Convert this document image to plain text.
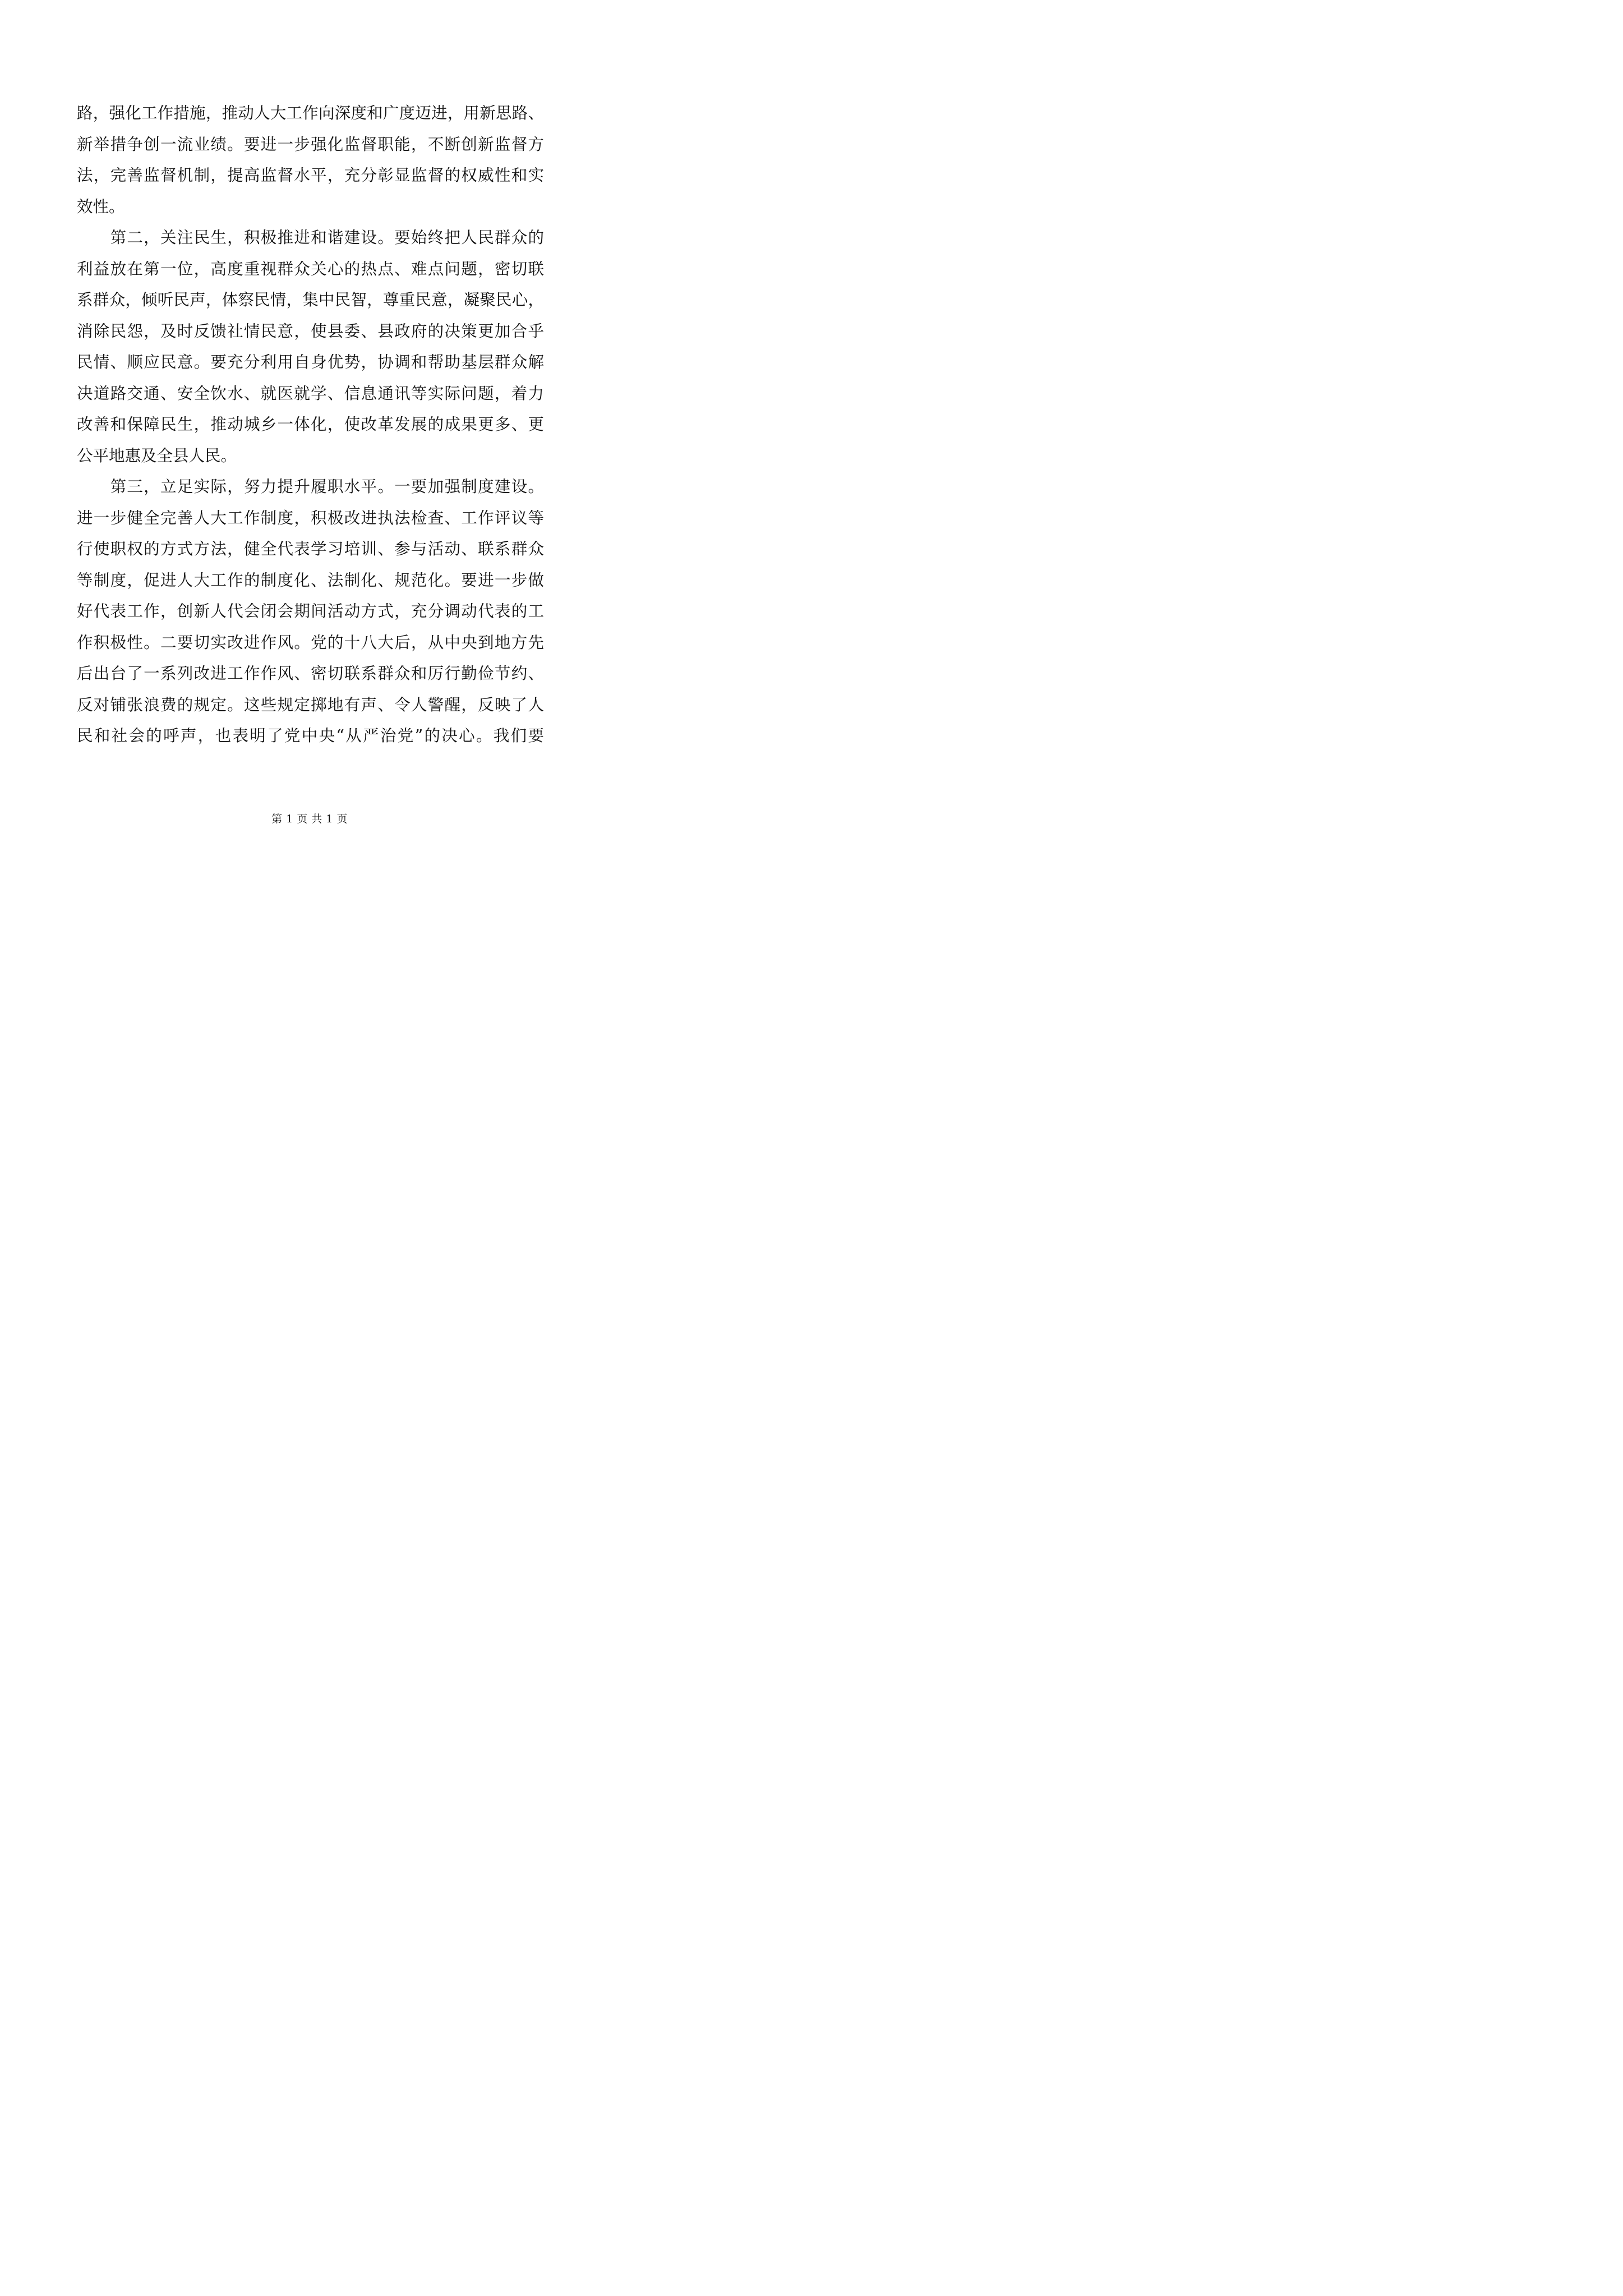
路，强化工作措施，推动人大工作向深度和广度迈进，用新思路、
新举措争创一流业绩。要进一步强化监督职能，不断创新监督方
法，完善监督机制，提高监督水平，充分彰显监督的权威性和实
效性。
　　第二，关注民生，积极推进和谐建设。要始终把人民群众的
利益放在第一位，高度重视群众关心的热点、难点问题，密切联
系群众，倾听民声，体察民情，集中民智，尊重民意，凝聚民心，
消除民怨，及时反馈社情民意，使县委、县政府的决策更加合乎
民情、顺应民意。要充分利用自身优势，协调和帮助基层群众解
决道路交通、安全饮水、就医就学、信息通讯等实际问题，着力
改善和保障民生，推动城乡一体化，使改革发展的成果更多、更
公平地惠及全县人民。
　　第三，立足实际，努力提升履职水平。一要加强制度建设。
进一步健全完善人大工作制度，积极改进执法检查、工作评议等
行使职权的方式方法，健全代表学习培训、参与活动、联系群众
等制度，促进人大工作的制度化、法制化、规范化。要进一步做
好代表工作，创新人代会闭会期间活动方式，充分调动代表的工
作积极性。二要切实改进作风。党的十八大后，从中央到地方先
后出台了一系列改进工作作风、密切联系群众和厉行勤俭节约、
反对铺张浪费的规定。这些规定掷地有声、令人警醒，反映了人
民和社会的呼声，也表明了党中央“从严治党”的决心。我们要
第 1 页 共 1 页
